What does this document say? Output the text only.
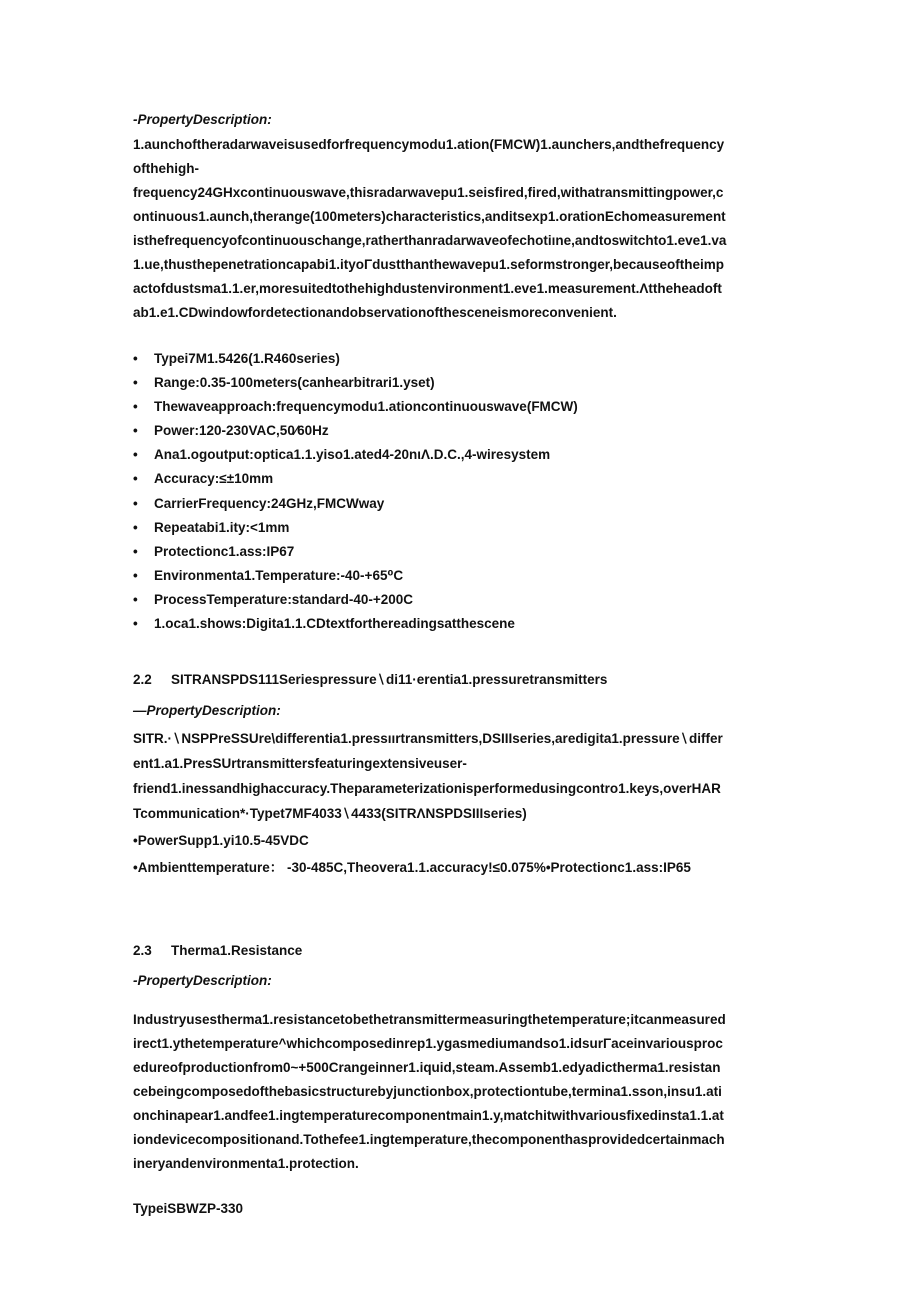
-PropertyDescription:
1.aunchoftheradarwaveisusedforfrequencymodu1.ation(FMCW)1.aunchers,andthefrequency
ofthehigh-
frequency24GHxcontinuouswave,thisradarwavepu1.seisfired,fired,withatransmittingpower,c
ontinuous1.aunch,therange(100meters)characteristics,anditsexp1.orationEchomeasurement
isthefrequencyofcontinuouschange,ratherthanradarwaveofechotiıne,andtoswitchto1.eve1.va
1.ue,thusthepenetrationcapabi1.ityoΓdustthanthewavepu1.seformstronger,becauseoftheimp
actofdustsma1.1.er,moresuitedtothehighdustenvironment1.eve1.measurement.Λttheheadoft
ab1.e1.CDwindowfordetectionandobservationofthesceneismoreconvenient.
• Typei7M1.5426(1.R460series)
• Range:0.35-100meters(canhearbitrari1.yset)
• Thewaveapproach:frequencymodu1.ationcontinuouswave(FMCW)
• Power:120-230VAC,50⁄60Hz
• Ana1.ogoutput:optica1.1.yiso1.ated4-20nιΛ.D.C.,4-wiresystem
• Accuracy:≤±10mm
• CarrierFrequency:24GHz,FMCWway
• Repeatabi1.ity:<1mm
• Protectionc1.ass:IP67
• Environmenta1.Temperature:-40-+65⁰C
• ProcessTemperature:standard-40-+200C
• 1.oca1.shows:Digita1.1.CDtextforthereadingsatthescene
2.2 SITRANSPDS111Seriespressure∖di11·erentia1.pressuretransmitters
—PropertyDescription:
SITR.·∖NSPPreSSUre\differentia1.pressıırtransmitters,DSIIIseries,aredigita1.pressure∖differ
ent1.a1.PresSUrtransmittersfeaturingextensiveuser-
friend1.inessandhighaccuracy.Theparameterizationisperformedusingcontro1.keys,overHAR
Tcommunication*·Typet7MF4033∖4433(SITRΛNSPDSIIIseries)
•PowerSupp1.yi10.5-45VDC
•Ambienttemperature： -30-485C,Theovera1.1.accuracy!≤0.075%•Protectionc1.ass:IP65
2.3 Therma1.Resistance
-PropertyDescription:
Industryusestherma1.resistancetobethetransmittermeasuringthetemperature;itcanmeasured
irect1.ythetemperature^whichcomposedinrep1.ygasmediumandso1.idsurΓaceinvariousproc
edureofproductionfrom0~+500Crangeinner1.iquid,steam.Assemb1.edyadictherma1.resistan
cebeingcomposedofthebasicstructurebyjunctionbox,protectiontube,termina1.sson,insu1.ati
onchinapear1.andfee1.ingtemperaturecomponentmain1.y,matchitwithvariousfixedinsta1.1.at
iondevicecompositionand.Tothefee1.ingtemperature,thecomponenthasprovidedcertainmach
ineryandenvironmenta1.protection.
TypeiSBWZP-330
